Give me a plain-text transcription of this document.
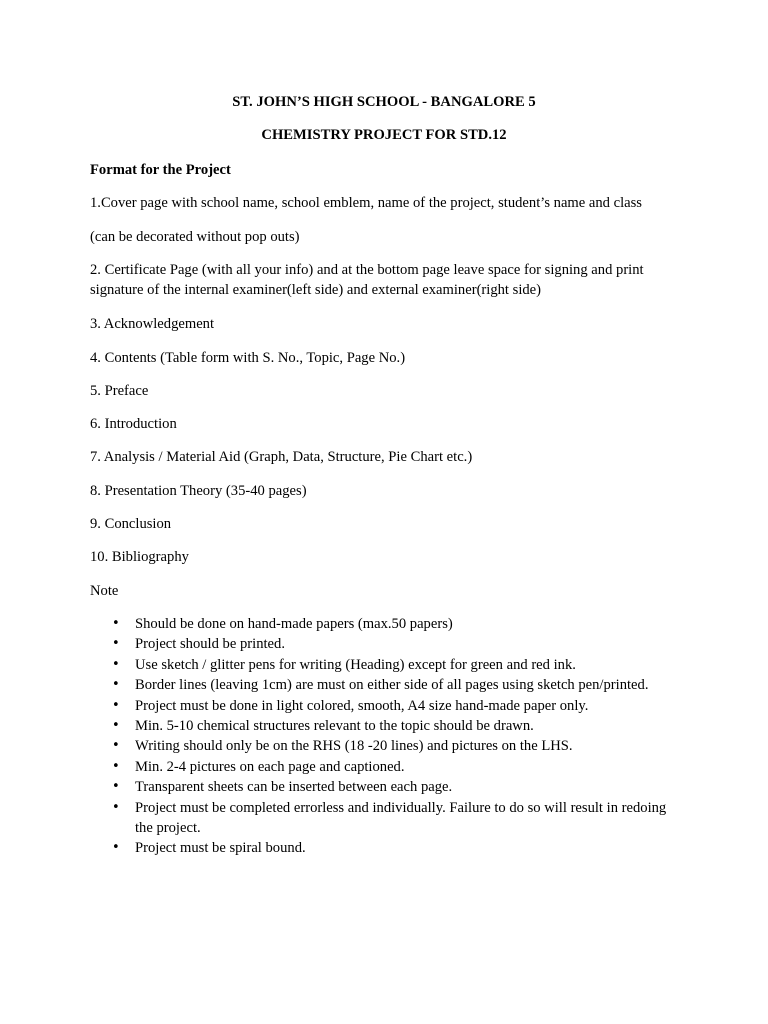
ST. JOHN’S HIGH SCHOOL - BANGALORE 5

CHEMISTRY PROJECT FOR STD.12

Format for the Project

1.Cover page with school name, school emblem, name of the project, student’s name and class

(can be decorated without pop outs)

2. Certificate Page (with all your info) and at the bottom page leave space for signing and print signature of the internal examiner(left side) and external examiner(right side)

3. Acknowledgement

4. Contents (Table form with S. No., Topic, Page No.)

5. Preface

6. Introduction

7. Analysis / Material Aid (Graph, Data, Structure, Pie Chart etc.)

8. Presentation Theory (35-40 pages)

9. Conclusion

10. Bibliography

Note

• Should be done on hand-made papers (max.50 papers)
• Project should be printed.
• Use sketch / glitter pens for writing (Heading) except for green and red ink.
• Border lines (leaving 1cm) are must on either side of all pages using sketch pen/printed.
• Project must be done in light colored, smooth, A4 size hand-made paper only.
• Min. 5-10 chemical structures relevant to the topic should be drawn.
• Writing should only be on the RHS (18 -20 lines) and pictures on the LHS.
• Min. 2-4 pictures on each page and captioned.
• Transparent sheets can be inserted between each page.
• Project must be completed errorless and individually. Failure to do so will result in redoing the project.
• Project must be spiral bound.
